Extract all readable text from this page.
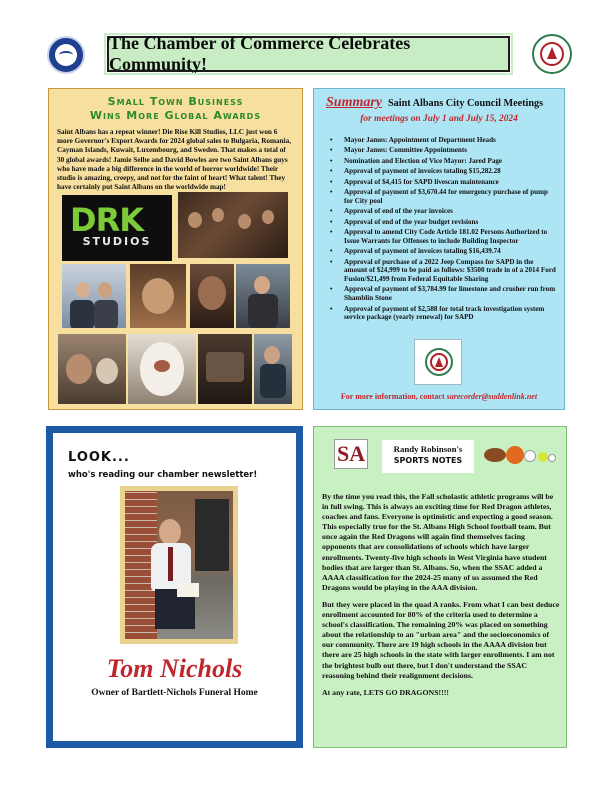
The Chamber of Commerce Celebrates Community!
Small Town Business
Wins More Global Awards
Saint Albans has a repeat winner! Die Rise Kill Studios, LLC just won 6 more Governor's Export Awards for 2024 global sales to Bulgaria, Romania, Cayman Islands, Kuwait, Luxembourg, and Sweden. That makes a total of 30 global awards! Jamie Selbe and David Bowles are two Saint Albans guys who have made a big difference in the world of horror worldwide! Their studio is amazing, creepy, and not for the faint of heart! What talent! They have certainly put Saint Albans on the worldwide map!
DRK
STUDIOS
Summary Saint Albans City Council Meetings
for meetings on July 1 and July 15, 2024
• Mayor James: Appointment of Department Heads
• Mayor James: Committee Appointments
• Nomination and Election of Vice Mayor: Jared Page
• Approval of payment of invoices totaling $15,282.28
• Approval of $4,415 for SAPD livescan maintenance
• Approval of payment of $3,670.44 for emergency purchase of pump for City pool
• Approval of end of the year invoices
• Approval of end of the year budget revisions
• Approval to amend City Code Article 181.02 Persons Authorized to Issue Warrants for Offenses to include Building Inspector
• Approval of payment of invoices totaling $16,439.74
• Approval of purchase of a 2022 Jeep Compass for SAPD in the amount of $24,999 to be paid as follows: $3500 trade in of a 2014 Ford Fusion/$21,499 from Federal Equitable Sharing
• Approval of payment of $3,784.99 for limestone and crusher run from Shamblin Stone
• Approval of payment of $2,588 for total track investigation system service package (yearly renewal) for SAPD
For more information, contact sarecorder@suddenlink.net
LOOK...
who's reading our chamber newsletter!
Tom Nichols
Owner of Bartlett-Nichols Funeral Home
SA	Randy Robinson's
SPORTS NOTES

By the time you read this, the Fall scholastic athletic programs will be in full swing. This is always an exciting time for Red Dragon athletes, coaches and fans. Everyone is optimistic and expecting a good season. This especially true for the St. Albans High School football team. But once again the Red Dragons will again find themselves facing opponents that are consolidations of schools which have larger enrollments. Twenty-five high schools in West Virginia have student bodies that are larger than St. Albans. So, when the SSAC added a AAAA classification for the 2024-25 many of us assumed the Red Dragons would be playing in the AAA division.

But they were placed in the quad A ranks. From what I can best deduce enrollment accounted for 80% of the criteria used to determine a school's classification. The remaining 20% was placed on something about the relationship to an "urban area" and the socioeconomics of our community. There are 19 high schools in the AAAA division but there are 25 high schools in the state with larger enrollments. I am not the brightest bulb out there, but I don't understand the SSAC reasoning behind their realignment decisions.

At any rate, LETS GO DRAGONS!!!!
